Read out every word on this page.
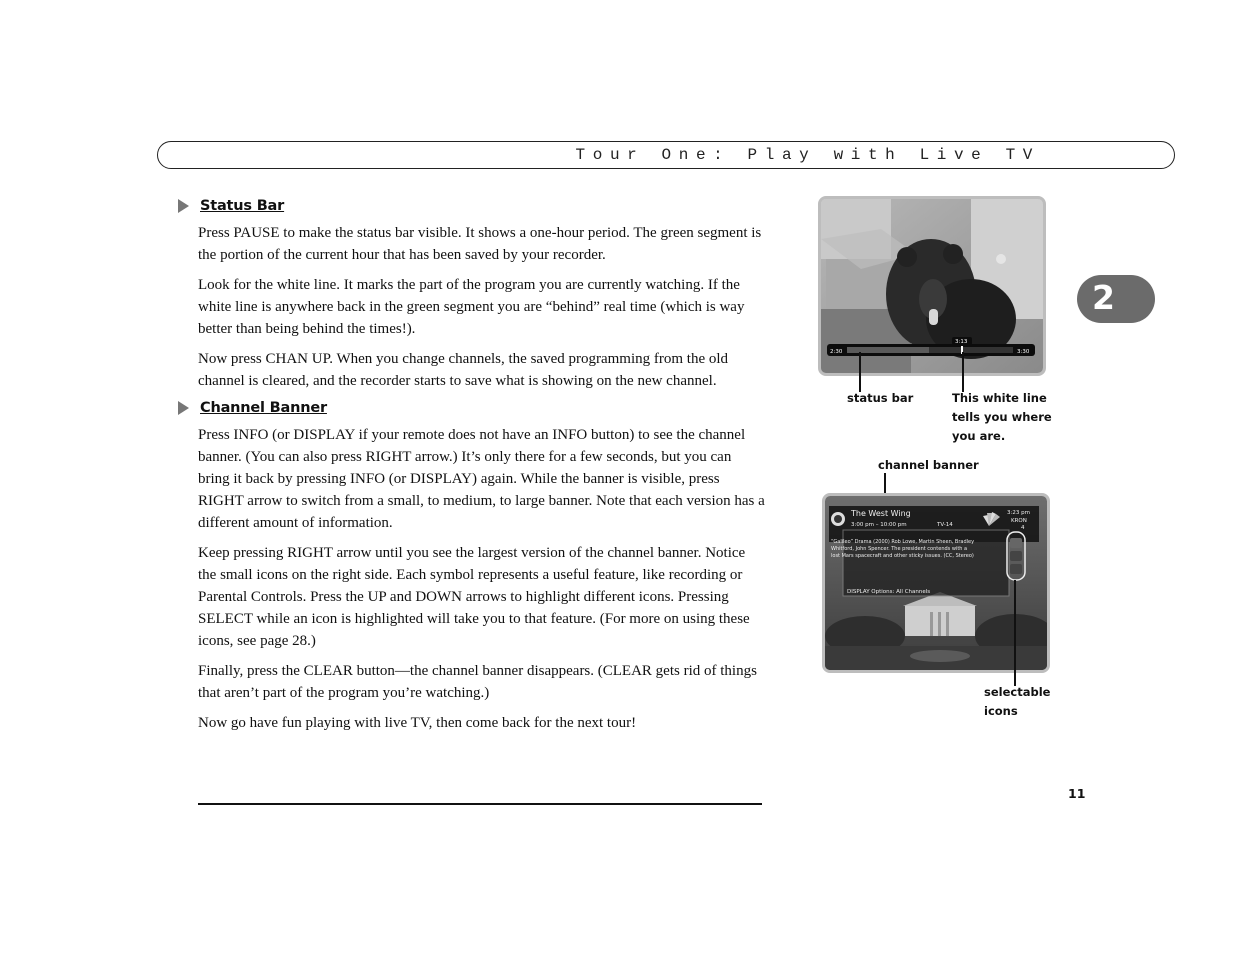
Tour One: Play with Live TV
2
Status Bar

Press PAUSE to make the status bar visible. It shows a one-hour period. The green segment is the portion of the current hour that has been saved by your recorder.

Look for the white line. It marks the part of the program you are currently watching. If the white line is anywhere back in the green segment you are “behind” real time (which is way better than being behind the times!).

Now press CHAN UP. When you change channels, the saved programming from the old channel is cleared, and the recorder starts to save what is showing on the new channel.

Channel Banner

Press INFO (or DISPLAY if your remote does not have an INFO button) to see the channel banner. (You can also press RIGHT arrow.) It’s only there for a few seconds, but you can bring it back by pressing INFO (or DISPLAY) again. While the banner is visible, press RIGHT arrow to switch from a small, to medium, to large banner. Note that each version has a different amount of information.

Keep pressing RIGHT arrow until you see the largest version of the channel banner. Notice the small icons on the right side. Each symbol represents a useful feature, like recording or Parental Controls. Press the UP and DOWN arrows to highlight different icons. Pressing SELECT while an icon is highlighted will take you to that feature. (For more on using these icons, see page 28.)

Finally, press the CLEAR button—the channel banner disappears. (CLEAR gets rid of things that aren’t part of the program you’re watching.)

Now go have fun playing with live TV, then come back for the next tour!

11
2:30	3:30
3:13
status bar	This white line
tells you where
you are.
channel banner
The West Wing
3:00 pm – 10:00 pm	TV-14
3:23 pm
KRON
4
“Galileo” Drama (2000) Rob Lowe, Martin Sheen, Bradley
Whitford, John Spencer. The president contends with a
lost Mars spacecraft and other sticky issues. (CC, Stereo)
DISPLAY Options: All Channels
selectable
icons
